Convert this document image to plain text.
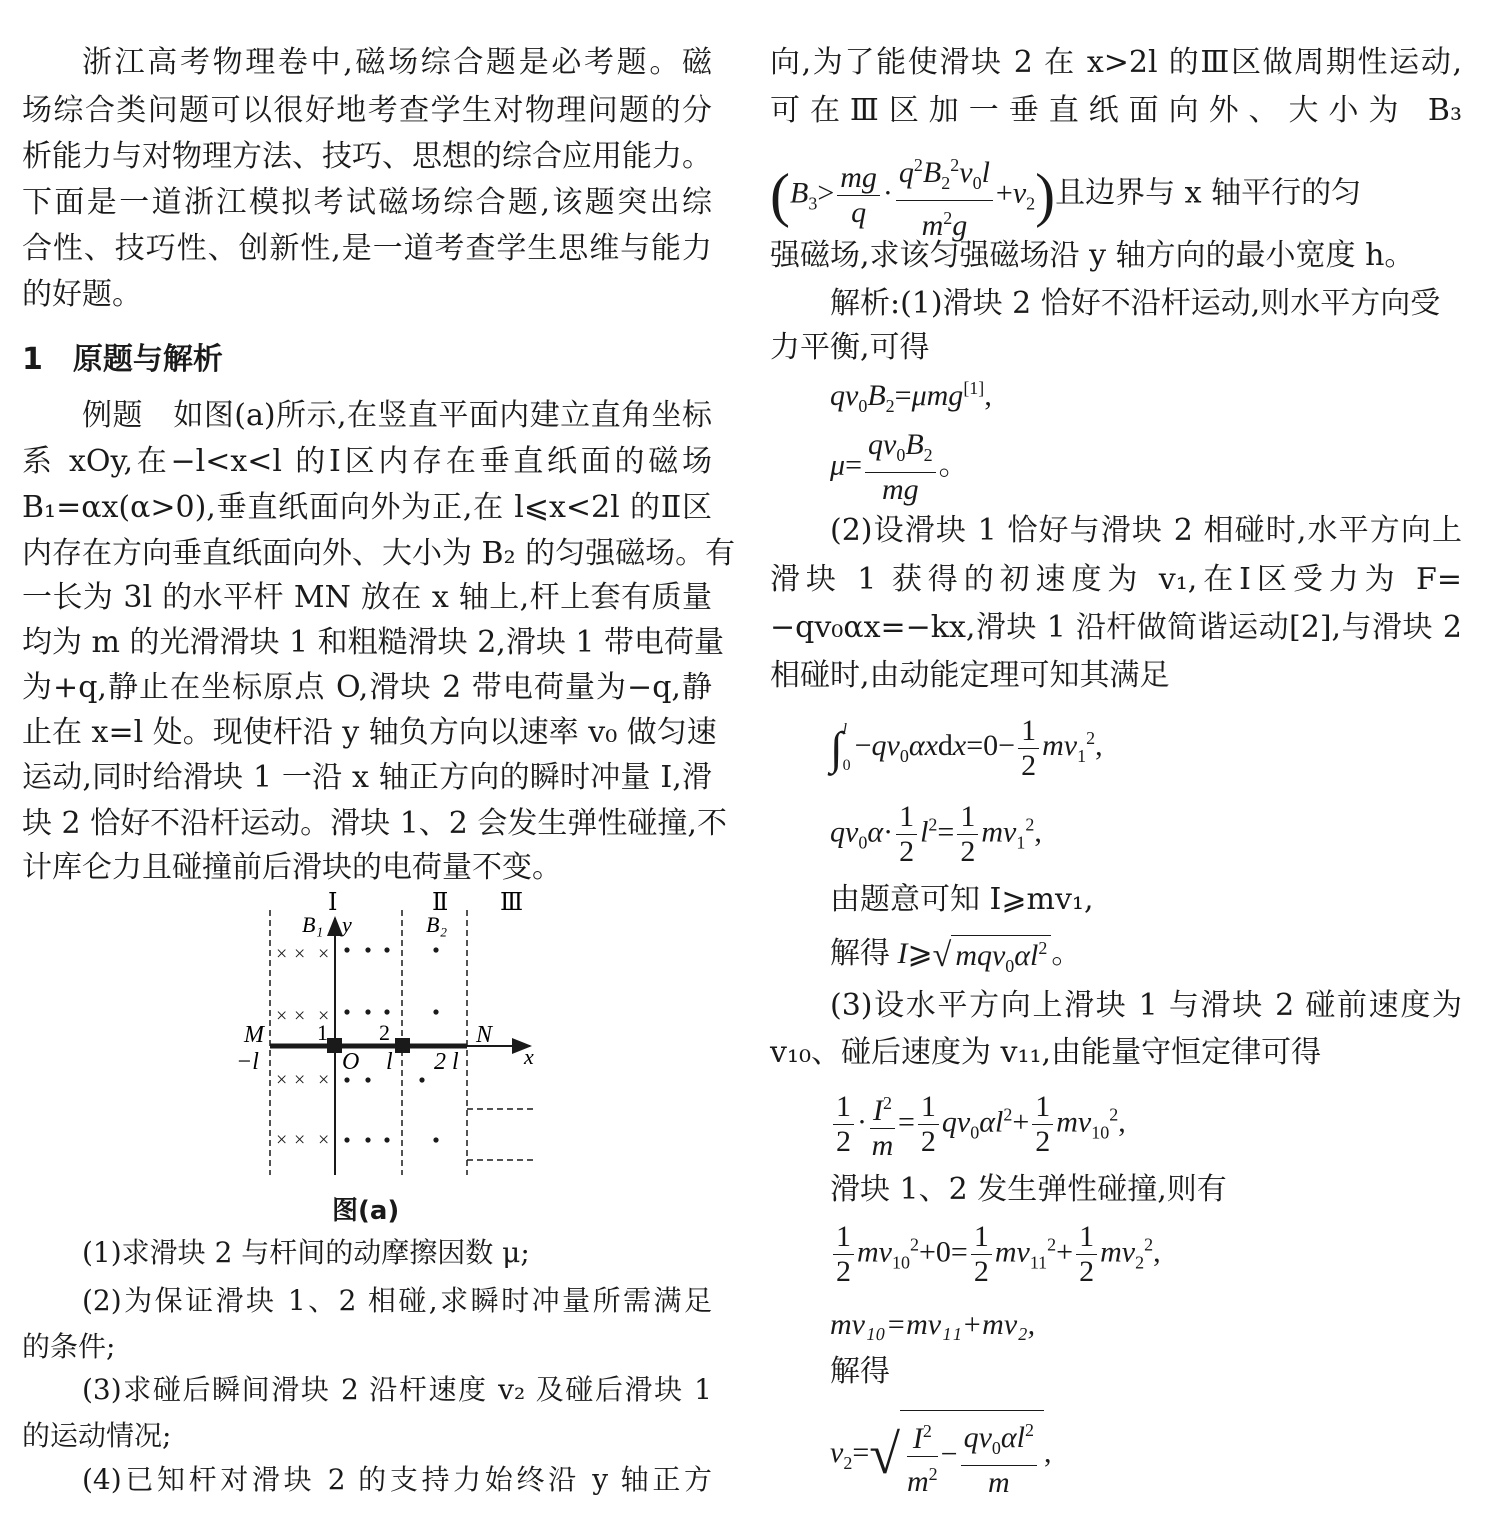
浙江高考物理卷中,磁场综合题是必考题。磁
场综合类问题可以很好地考查学生对物理问题的分
析能力与对物理方法、技巧、思想的综合应用能力。
下面是一道浙江模拟考试磁场综合题,该题突出综
合性、技巧性、创新性,是一道考查学生思维与能力
的好题。
1　原题与解析
例题　如图(a)所示,在竖直平面内建立直角坐标
系 xOy,在−l<x<l 的Ⅰ区内存在垂直纸面的磁场
B₁=αx(α>0),垂直纸面向外为正,在 l⩽x<2l 的Ⅱ区
内存在方向垂直纸面向外、大小为 B₂ 的匀强磁场。有
一长为 3l 的水平杆 MN 放在 x 轴上,杆上套有质量
均为 m 的光滑滑块 1 和粗糙滑块 2,滑块 1 带电荷量
为+q,静止在坐标原点 O,滑块 2 带电荷量为−q,静
止在 x=l 处。现使杆沿 y 轴负方向以速率 v₀ 做匀速
运动,同时给滑块 1 一沿 x 轴正方向的瞬时冲量 I,滑
块 2 恰好不沿杆运动。滑块 1、2 会发生弹性碰撞,不
计库仑力且碰撞前后滑块的电荷量不变。
× × ×
× × ×
× × ×
× × ×
Ⅰ	Ⅱ Ⅲ
B₁	B₂
y
x
M	N
O
1 2
−l	l 2 l
图(a)
(1)求滑块 2 与杆间的动摩擦因数 μ;
(2)为保证滑块 1、2 相碰,求瞬时冲量所需满足
的条件;
(3)求碰后瞬间滑块 2 沿杆速度 v₂ 及碰后滑块 1
的运动情况;
(4)已知杆对滑块 2 的支持力始终沿 y 轴正方
向,为了能使滑块 2 在 x>2l 的Ⅲ区做周期性运动,
可在Ⅲ区加一垂直纸面向外、大小为 B₃
$(B_3> \frac{mg}{q} \cdot \frac{q^2B_2^2v_0l}{m^2g} +v_2)$且边界与 x 轴平行的匀
强磁场,求该匀强磁场沿 y 轴方向的最小宽度 h。
解析:(1)滑块 2 恰好不沿杆运动,则水平方向受
力平衡,可得
$qv_0B_2=\mu mg[1]$,
$\mu= \frac{qv_0B_2}{mg}$ 。
(2)设滑块 1 恰好与滑块 2 相碰时,水平方向上
滑块 1 获得的初速度为 v₁,在Ⅰ区受力为 F=
−qv₀αx=−kx,滑块 1 沿杆做简谐运动[2],与滑块 2
相碰时,由动能定理可知其满足
∫ l
0
$-qv_0\alpha xdx=0- \frac{1}{2} mv_1^2$,
$qv_0\alpha\cdot \frac{1}{2} l^2= \frac{1}{2} mv_1^2$,
由题意可知 I⩾mv₁,
解得 I⩾√ $mqv_0\alpha l^2$ 。
(3)设水平方向上滑块 1 与滑块 2 碰前速度为
v₁₀、碰后速度为 v₁₁,由能量守恒定律可得
$\frac{1}{2} \cdot \frac{I^2}{m} = \frac{1}{2} qv_0\alpha l^2+ \frac{1}{2} mv_{10}^2$,
滑块 1、2 发生弹性碰撞,则有
$\frac{1}{2} mv_{10}^2+0= \frac{1}{2} mv_{11}^2+ \frac{1}{2} mv_2^2$,
mv₁₀=mv₁₁+mv₂,
解得
$v_2=√ \frac{I^2}{m^2} - \frac{qv_0\alpha l^2}{m}$ ,
